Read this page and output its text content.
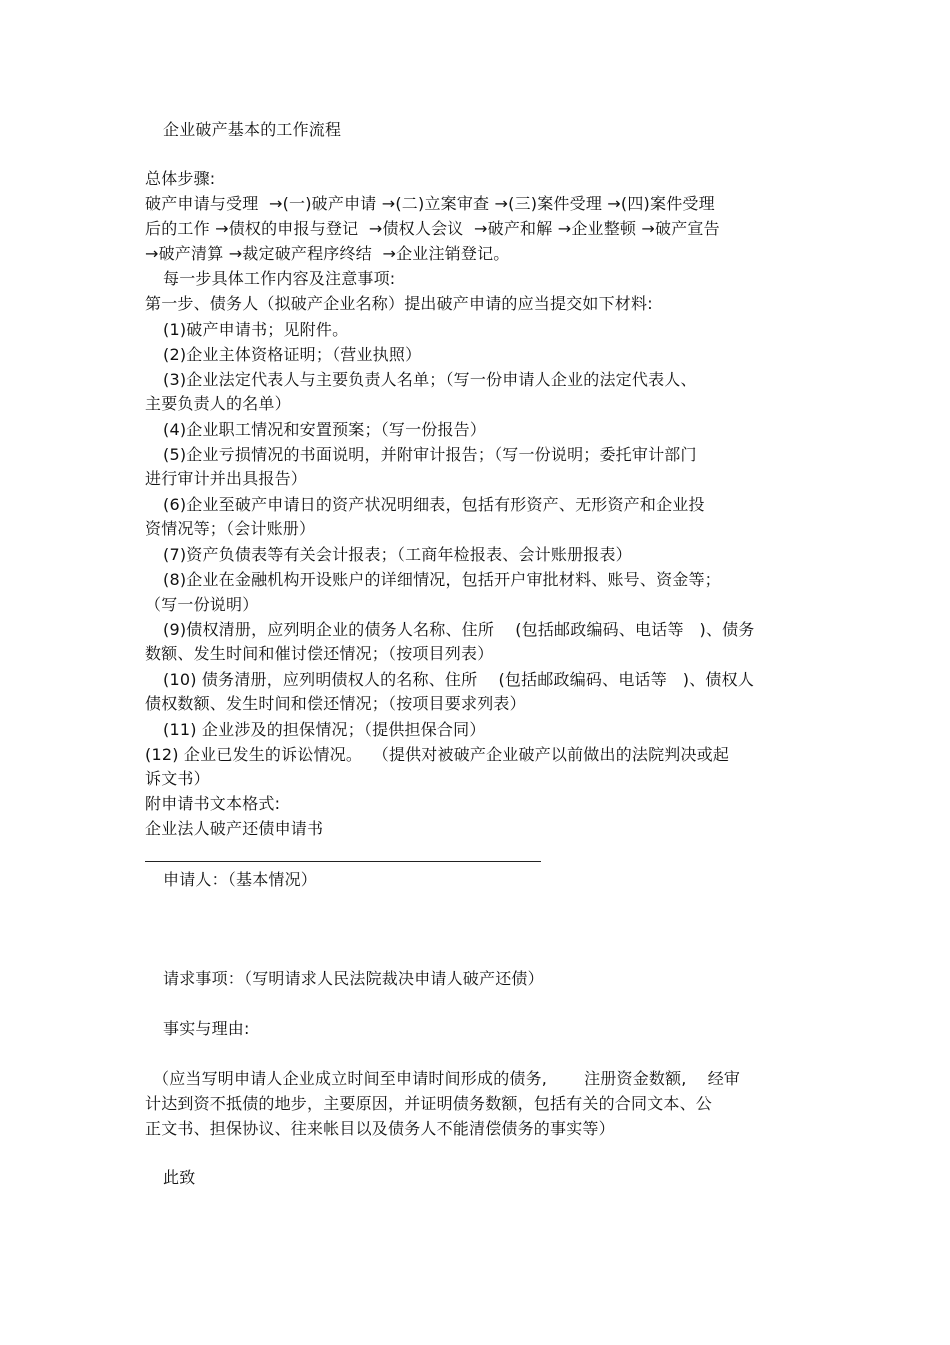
企业破产基本的工作流程
总体步骤:
破产申请与受理  →(一)破产申请 →(二)立案审查 →(三)案件受理 →(四)案件受理
后的工作 →债权的申报与登记  →债权人会议  →破产和解 →企业整顿 →破产宣告
→破产清算 →裁定破产程序终结  →企业注销登记。
每一步具体工作内容及注意事项:
第一步、债务人（拟破产企业名称）提出破产申请的应当提交如下材料:
(1)破产申请书；见附件。
(2)企业主体资格证明；（营业执照）
(3)企业法定代表人与主要负责人名单；（写一份申请人企业的法定代表人、
主要负责人的名单）
(4)企业职工情况和安置预案；（写一份报告）
(5)企业亏损情况的书面说明，并附审计报告；（写一份说明；委托审计部门
进行审计并出具报告）
(6)企业至破产申请日的资产状况明细表，包括有形资产、无形资产和企业投
资情况等；（会计账册）
(7)资产负债表等有关会计报表；（工商年检报表、会计账册报表）
(8)企业在金融机构开设账户的详细情况，包括开户审批材料、账号、资金等；
（写一份说明）
(9)债权清册，应列明企业的债务人名称、住所    (包括邮政编码、电话等   )、债务
数额、发生时间和催讨偿还情况；（按项目列表）
(10) 债务清册，应列明债权人的名称、住所    (包括邮政编码、电话等   )、债权人
债权数额、发生时间和偿还情况；（按项目要求列表）
(11) 企业涉及的担保情况；（提供担保合同）
(12) 企业已发生的诉讼情况。  （提供对被破产企业破产以前做出的法院判决或起
诉文书）
附申请书文本格式:
企业法人破产还债申请书
申请人：（基本情况）
请求事项：（写明请求人民法院裁决申请人破产还债）
事实与理由:
（应当写明申请人企业成立时间至申请时间形成的债务,       注册资金数额,    经审
计达到资不抵债的地步，主要原因，并证明债务数额，包括有关的合同文本、公
正文书、担保协议、往来帐目以及债务人不能清偿债务的事实等）
此致
